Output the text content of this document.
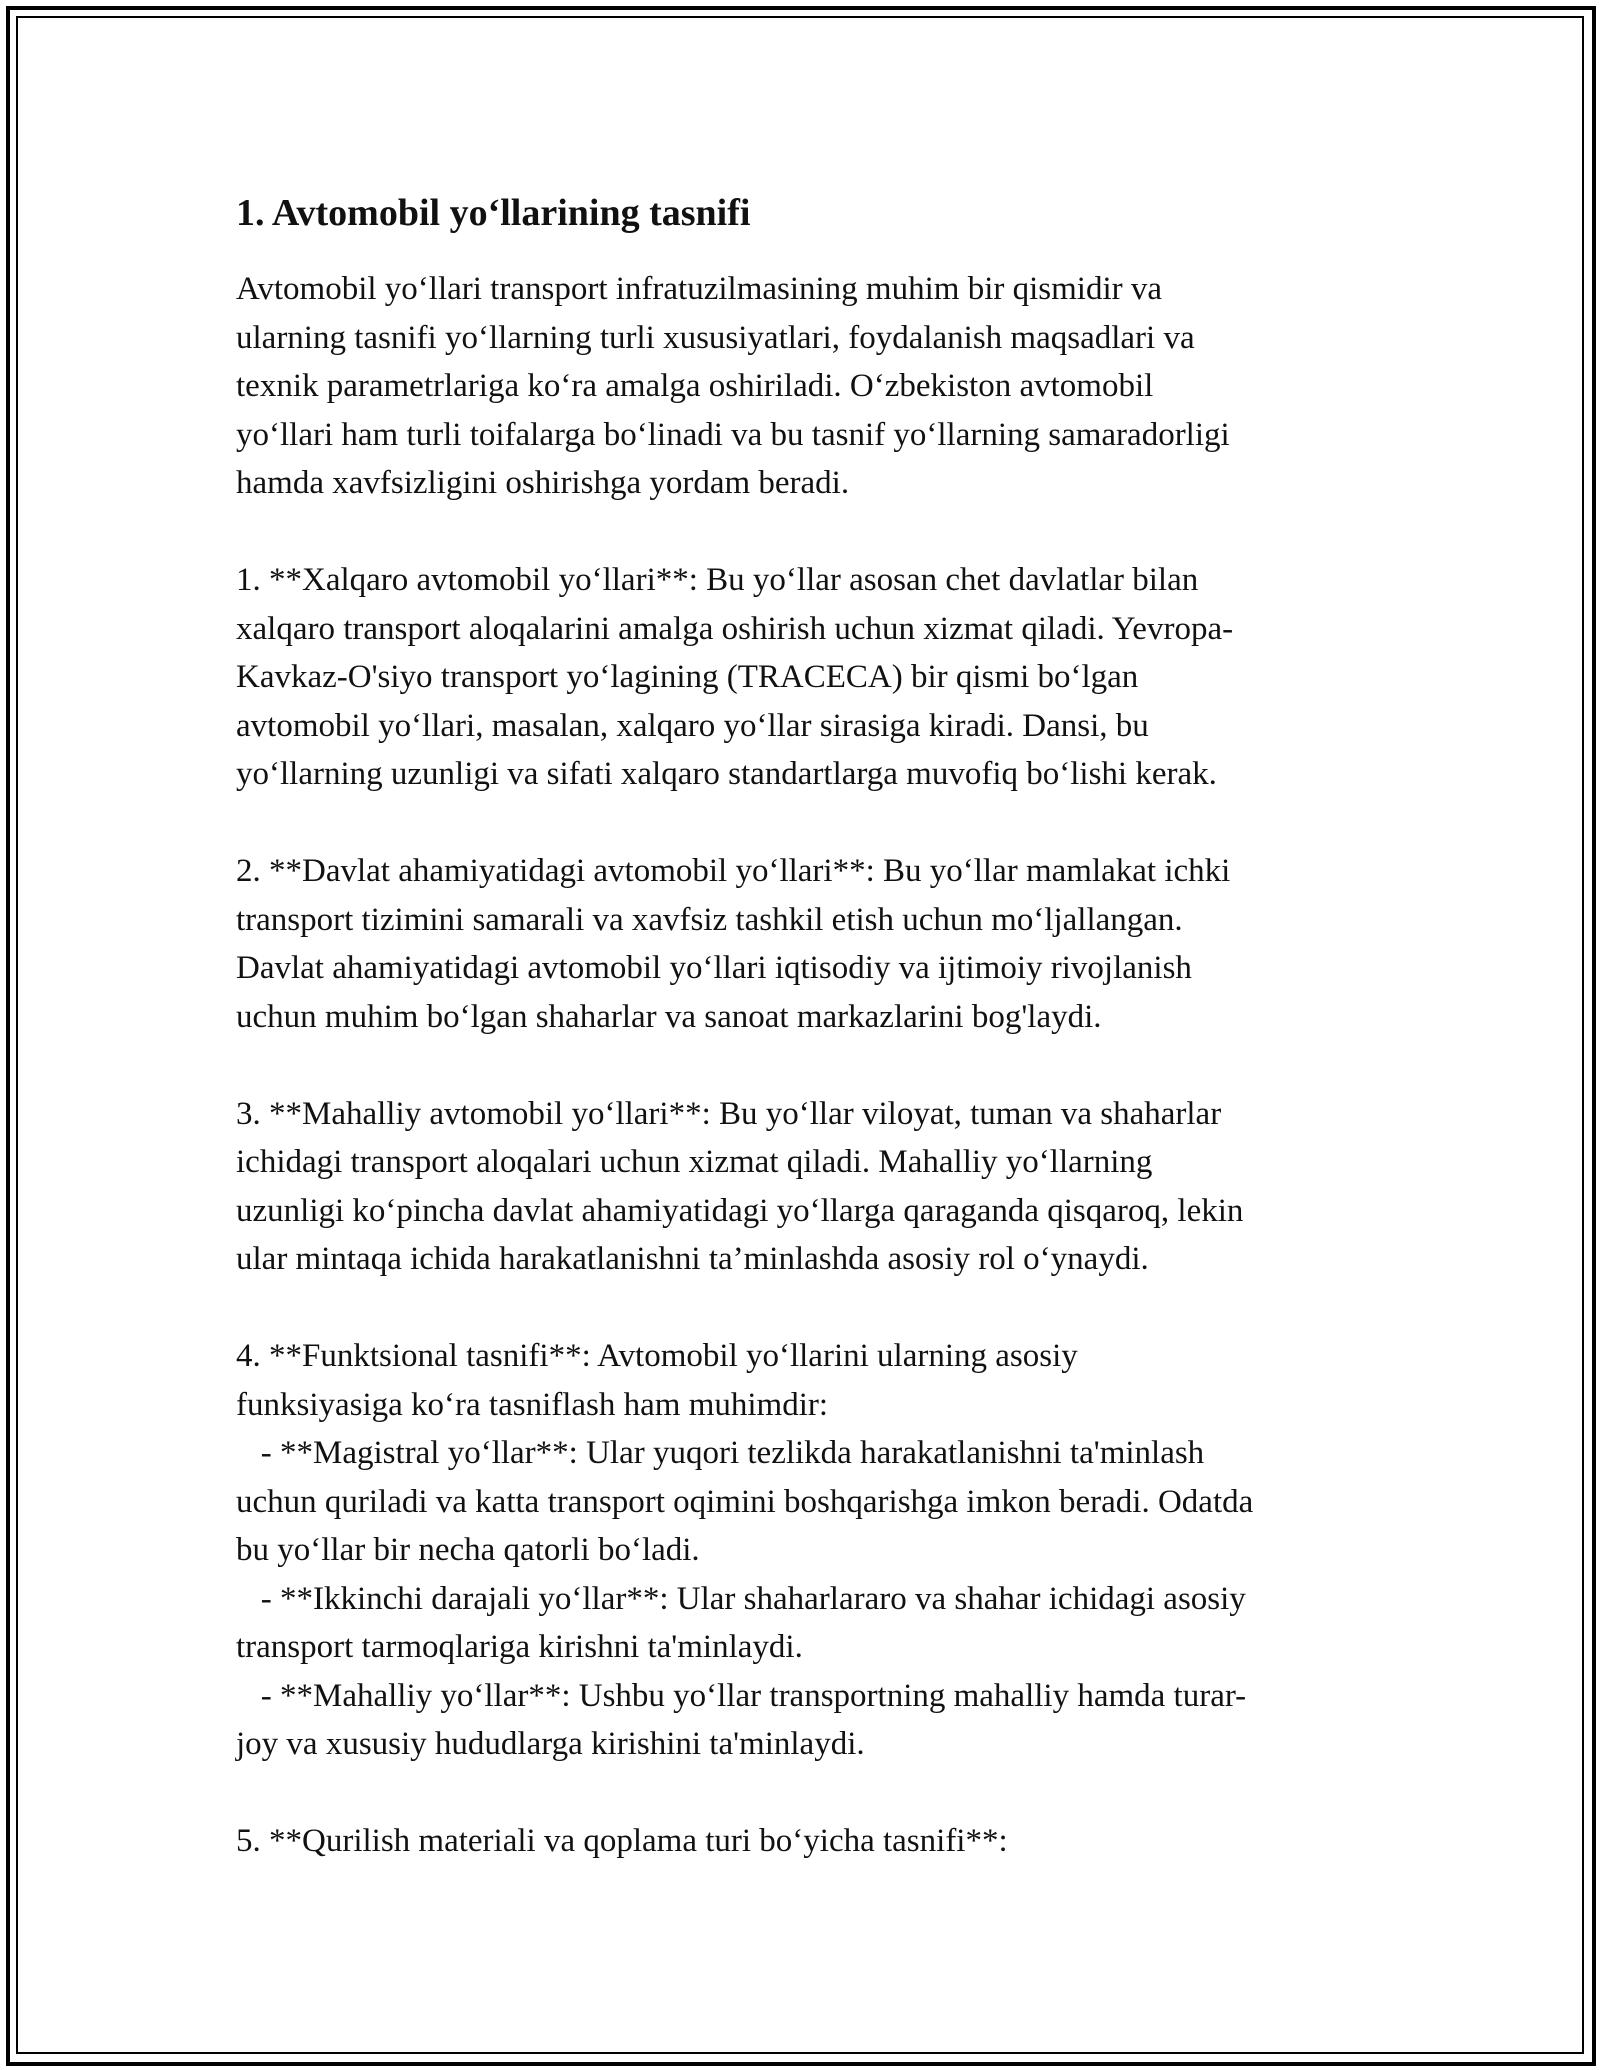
1. Avtomobil yo‘llarining tasnifi
Avtomobil yo‘llari transport infratuzilmasining muhim bir qismidir va
ularning tasnifi yo‘llarning turli xususiyatlari, foydalanish maqsadlari va
texnik parametrlariga ko‘ra amalga oshiriladi. O‘zbekiston avtomobil
yo‘llari ham turli toifalarga bo‘linadi va bu tasnif yo‘llarning samaradorligi
hamda xavfsizligini oshirishga yordam beradi.
1. **Xalqaro avtomobil yo‘llari**: Bu yo‘llar asosan chet davlatlar bilan
xalqaro transport aloqalarini amalga oshirish uchun xizmat qiladi. Yevropa-
Kavkaz-O'siyo transport yo‘lagining (TRACECA) bir qismi bo‘lgan
avtomobil yo‘llari, masalan, xalqaro yo‘llar sirasiga kiradi. Dansi, bu
yo‘llarning uzunligi va sifati xalqaro standartlarga muvofiq bo‘lishi kerak.
2. **Davlat ahamiyatidagi avtomobil yo‘llari**: Bu yo‘llar mamlakat ichki
transport tizimini samarali va xavfsiz tashkil etish uchun mo‘ljallangan.
Davlat ahamiyatidagi avtomobil yo‘llari iqtisodiy va ijtimoiy rivojlanish
uchun muhim bo‘lgan shaharlar va sanoat markazlarini bog'laydi.
3. **Mahalliy avtomobil yo‘llari**: Bu yo‘llar viloyat, tuman va shaharlar
ichidagi transport aloqalari uchun xizmat qiladi. Mahalliy yo‘llarning
uzunligi ko‘pincha davlat ahamiyatidagi yo‘llarga qaraganda qisqaroq, lekin
ular mintaqa ichida harakatlanishni ta’minlashda asosiy rol o‘ynaydi.
4. **Funktsional tasnifi**: Avtomobil yo‘llarini ularning asosiy
funksiyasiga ko‘ra tasniflash ham muhimdir:
- **Magistral yo‘llar**: Ular yuqori tezlikda harakatlanishni ta'minlash
uchun quriladi va katta transport oqimini boshqarishga imkon beradi. Odatda
bu yo‘llar bir necha qatorli bo‘ladi.
- **Ikkinchi darajali yo‘llar**: Ular shaharlararo va shahar ichidagi asosiy
transport tarmoqlariga kirishni ta'minlaydi.
- **Mahalliy yo‘llar**: Ushbu yo‘llar transportning mahalliy hamda turar-
joy va xususiy hududlarga kirishini ta'minlaydi.
5. **Qurilish materiali va qoplama turi bo‘yicha tasnifi**:
